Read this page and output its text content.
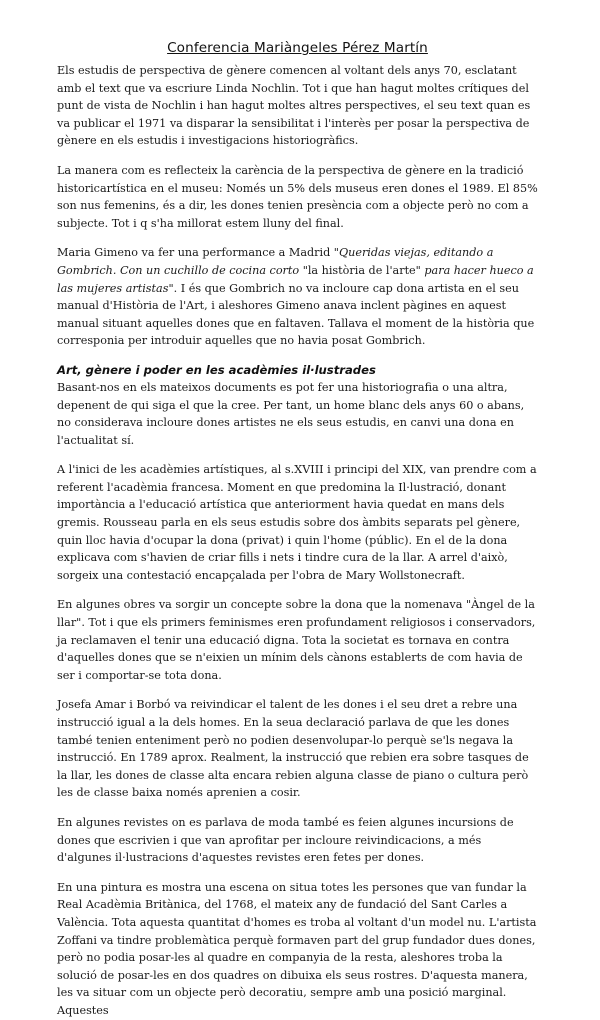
Conferencia Mariàngeles Pérez Martín

Els estudis de perspectiva de gènere comencen al voltant dels anys 70, esclatant amb el text que va escriure Linda Nochlin. Tot i que han hagut moltes crítiques del punt de vista de Nochlin i han hagut moltes altres perspectives, el seu text quan es va publicar el 1971 va disparar la sensibilitat i l'interès per posar la perspectiva de gènere en els estudis i investigacions historiogràfics.

La manera com es reflecteix la carència de la perspectiva de gènere en la tradició historicartística en el museu: Només un 5% dels museus eren dones el 1989. El 85% son nus femenins, és a dir, les dones tenien presència com a objecte però no com a subjecte. Tot i q s'ha millorat estem lluny del final.

Maria Gimeno va fer una performance a Madrid "Queridas viejas, editando a Gombrich. Con un cuchillo de cocina corto "la història de l'arte" para hacer hueco a las mujeres artistas". I és que Gombrich no va incloure cap dona artista en el seu manual d'Història de l'Art, i aleshores Gimeno anava inclent pàgines en aquest manual situant aquelles dones que en faltaven. Tallava el moment de la història que corresponia per introduir aquelles que no havia posat Gombrich.

Art, gènere i poder en les acadèmies il·lustrades

Basant-nos en els mateixos documents es pot fer una historiografia o una altra, depenent de qui siga el que la cree. Per tant, un home blanc dels anys 60 o abans, no considerava incloure dones artistes ne els seus estudis, en canvi una dona en l'actualitat sí.

A l'inici de les acadèmies artístiques, al s.XVIII i principi del XIX, van prendre com a referent l'acadèmia francesa. Moment en que predomina la Il·lustració, donant importància a l'educació artística que anteriorment havia quedat en mans dels gremis. Rousseau parla en els seus estudis sobre dos àmbits separats pel gènere, quin lloc havia d'ocupar la dona (privat) i quin l'home (públic). En el de la dona explicava com s'havien de criar fills i nets i tindre cura de la llar. A arrel d'això, sorgeix una contestació encapçalada per l'obra de Mary Wollstonecraft.

En algunes obres va sorgir un concepte sobre la dona que la nomenava "Àngel de la llar". Tot i que els primers feminismes eren profundament religiosos i conservadors, ja reclamaven el tenir una educació digna. Tota la societat es tornava en contra d'aquelles dones que se n'eixien un mínim dels cànons establerts de com havia de ser i comportar-se tota dona.

Josefa Amar i Borbó va reivindicar el talent de les dones i el seu dret a rebre una instrucció igual a la dels homes. En la seua declaració parlava de que les dones també tenien enteniment però no podien desenvolupar-lo perquè se'ls negava la instrucció. En 1789 aprox. Realment, la instrucció que rebien era sobre tasques de la llar, les dones de classe alta encara rebien alguna classe de piano o cultura però les de classe baixa només aprenien a cosir.

En algunes revistes on es parlava de moda també es feien algunes incursions de dones que escrivien i que van aprofitar per incloure reivindicacions, a més d'algunes il·lustracions d'aquestes revistes eren fetes per dones.

En una pintura es mostra una escena on situa totes les persones que van fundar la Real Acadèmia Britànica, del 1768, el mateix any de fundació del Sant Carles a València. Tota aquesta quantitat d'homes es troba al voltant d'un model nu. L'artista Zoffani va tindre problemàtica perquè formaven part del grup fundador dues dones, però no podia posar-les al quadre en companyia de la resta, aleshores troba la solució de posar-les en dos quadres on dibuixa els seus rostres. D'aquesta manera, les va situar com un objecte però decoratiu, sempre amb una posició marginal. Aquestes
